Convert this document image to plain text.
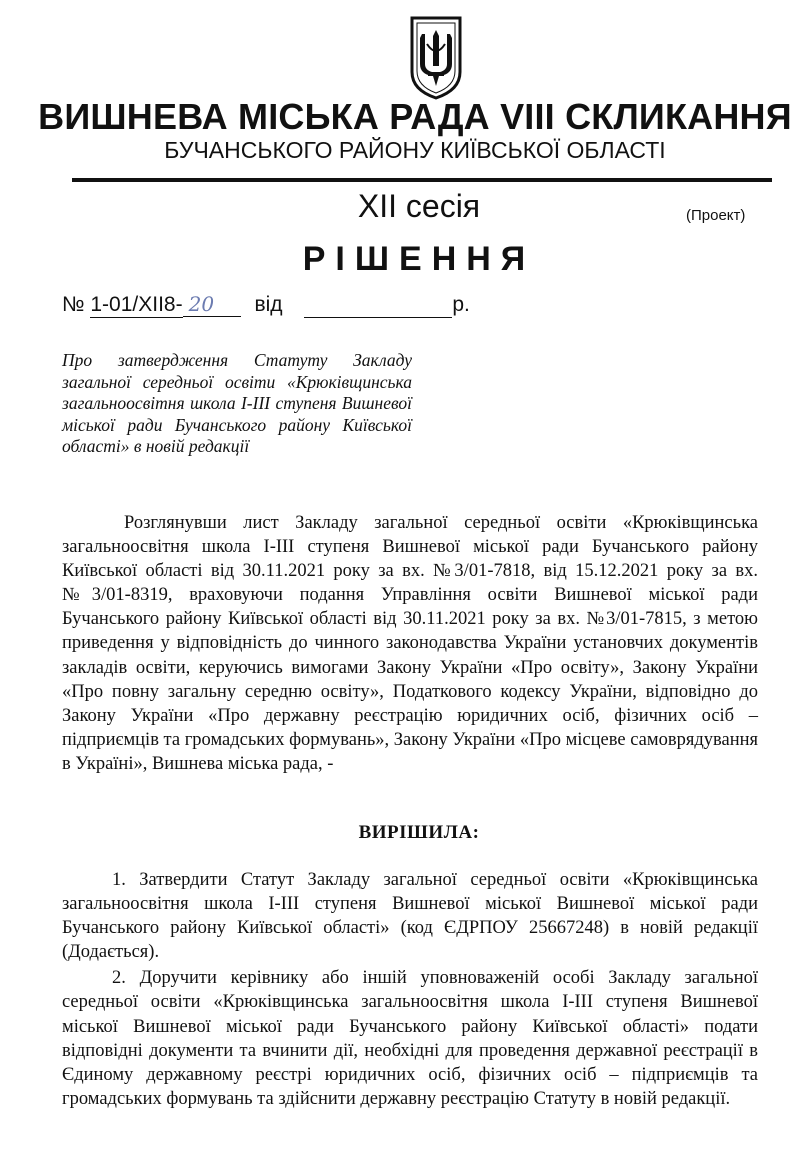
ВИШНЕВА МІСЬКА РАДА VIII СКЛИКАННЯ
БУЧАНСЬКОГО РАЙОНУ КИЇВСЬКОЇ ОБЛАСТІ
ХІІ сесія	(Проект)
РІШЕННЯ
№ 1-01/XII8- 20 від	р.
Про затвердження Статуту Закладу загальної середньої освіти «Крюківщинська загальноосвітня школа І-ІІІ ступеня Вишневої міської ради Бучанського району Київської області» в новій редакції
Розглянувши лист Закладу загальної середньої освіти «Крюківщинська загальноосвітня школа І-ІІІ ступеня Вишневої міської ради Бучанського району Київської області від 30.11.2021 року за вх. №3/01-7818, від 15.12.2021 року за вх. №3/01-8319, враховуючи подання Управління освіти Вишневої міської ради Бучанського району Київської області від 30.11.2021 року за вх. №3/01-7815, з метою приведення у відповідність до чинного законодавства України установчих документів закладів освіти, керуючись вимогами Закону України «Про освіту», Закону України «Про повну загальну середню освіту», Податкового кодексу України, відповідно до Закону України «Про державну реєстрацію юридичних осіб, фізичних осіб – підприємців та громадських формувань», Закону України «Про місцеве самоврядування в Україні», Вишнева міська рада, -
ВИРІШИЛА:

1. Затвердити Статут Закладу загальної середньої освіти «Крюківщинська загальноосвітня школа І-ІІІ ступеня Вишневої міської Вишневої міської ради Бучанського району Київської області» (код ЄДРПОУ 25667248) в новій редакції (Додається).

2. Доручити керівнику або іншій уповноваженій особі Закладу загальної середньої освіти «Крюківщинська загальноосвітня школа І-ІІІ ступеня Вишневої міської Вишневої міської ради Бучанського району Київської області» подати відповідні документи та вчинити дії, необхідні для проведення державної реєстрації в Єдиному державному реєстрі юридичних осіб, фізичних осіб – підприємців та громадських формувань та здійснити державну реєстрацію Статуту в новій редакції.
